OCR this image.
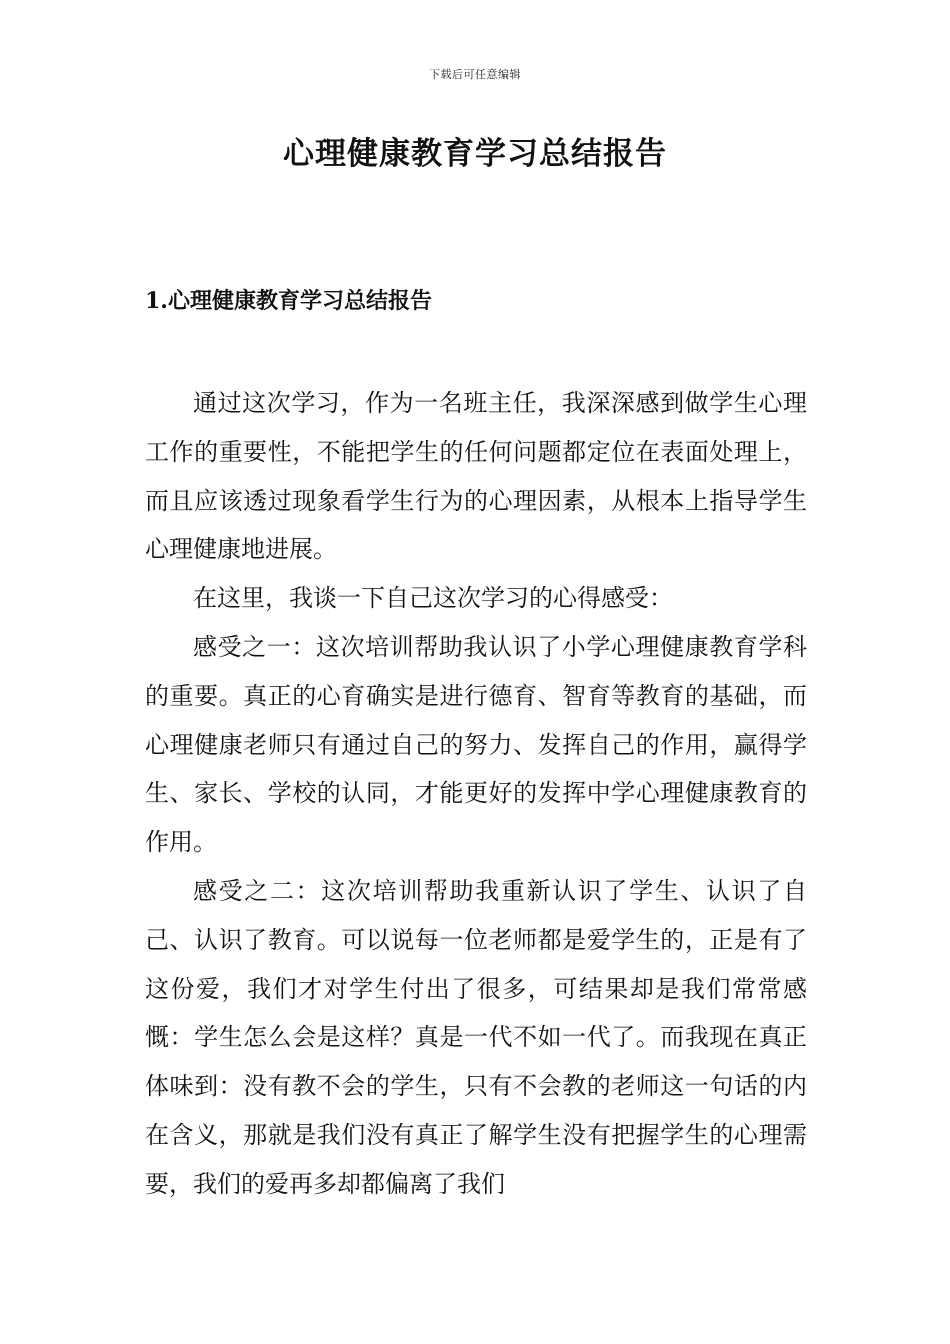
下载后可任意编辑
心理健康教育学习总结报告
1.心理健康教育学习总结报告

通过这次学习，作为一名班主任，我深深感到做学生心理工作的重要性，不能把学生的任何问题都定位在表面处理上，而且应该透过现象看学生行为的心理因素，从根本上指导学生心理健康地进展。

在这里，我谈一下自己这次学习的心得感受：

感受之一：这次培训帮助我认识了小学心理健康教育学科的重要。真正的心育确实是进行德育、智育等教育的基础，而心理健康老师只有通过自己的努力、发挥自己的作用，赢得学生、家长、学校的认同，才能更好的发挥中学心理健康教育的作用。

感受之二：这次培训帮助我重新认识了学生、认识了自己、认识了教育。可以说每一位老师都是爱学生的，正是有了这份爱，我们才对学生付出了很多，可结果却是我们常常感慨：学生怎么会是这样？真是一代不如一代了。而我现在真正体味到：没有教不会的学生，只有不会教的老师这一句话的内在含义，那就是我们没有真正了解学生没有把握学生的心理需要，我们的爱再多却都偏离了我们
